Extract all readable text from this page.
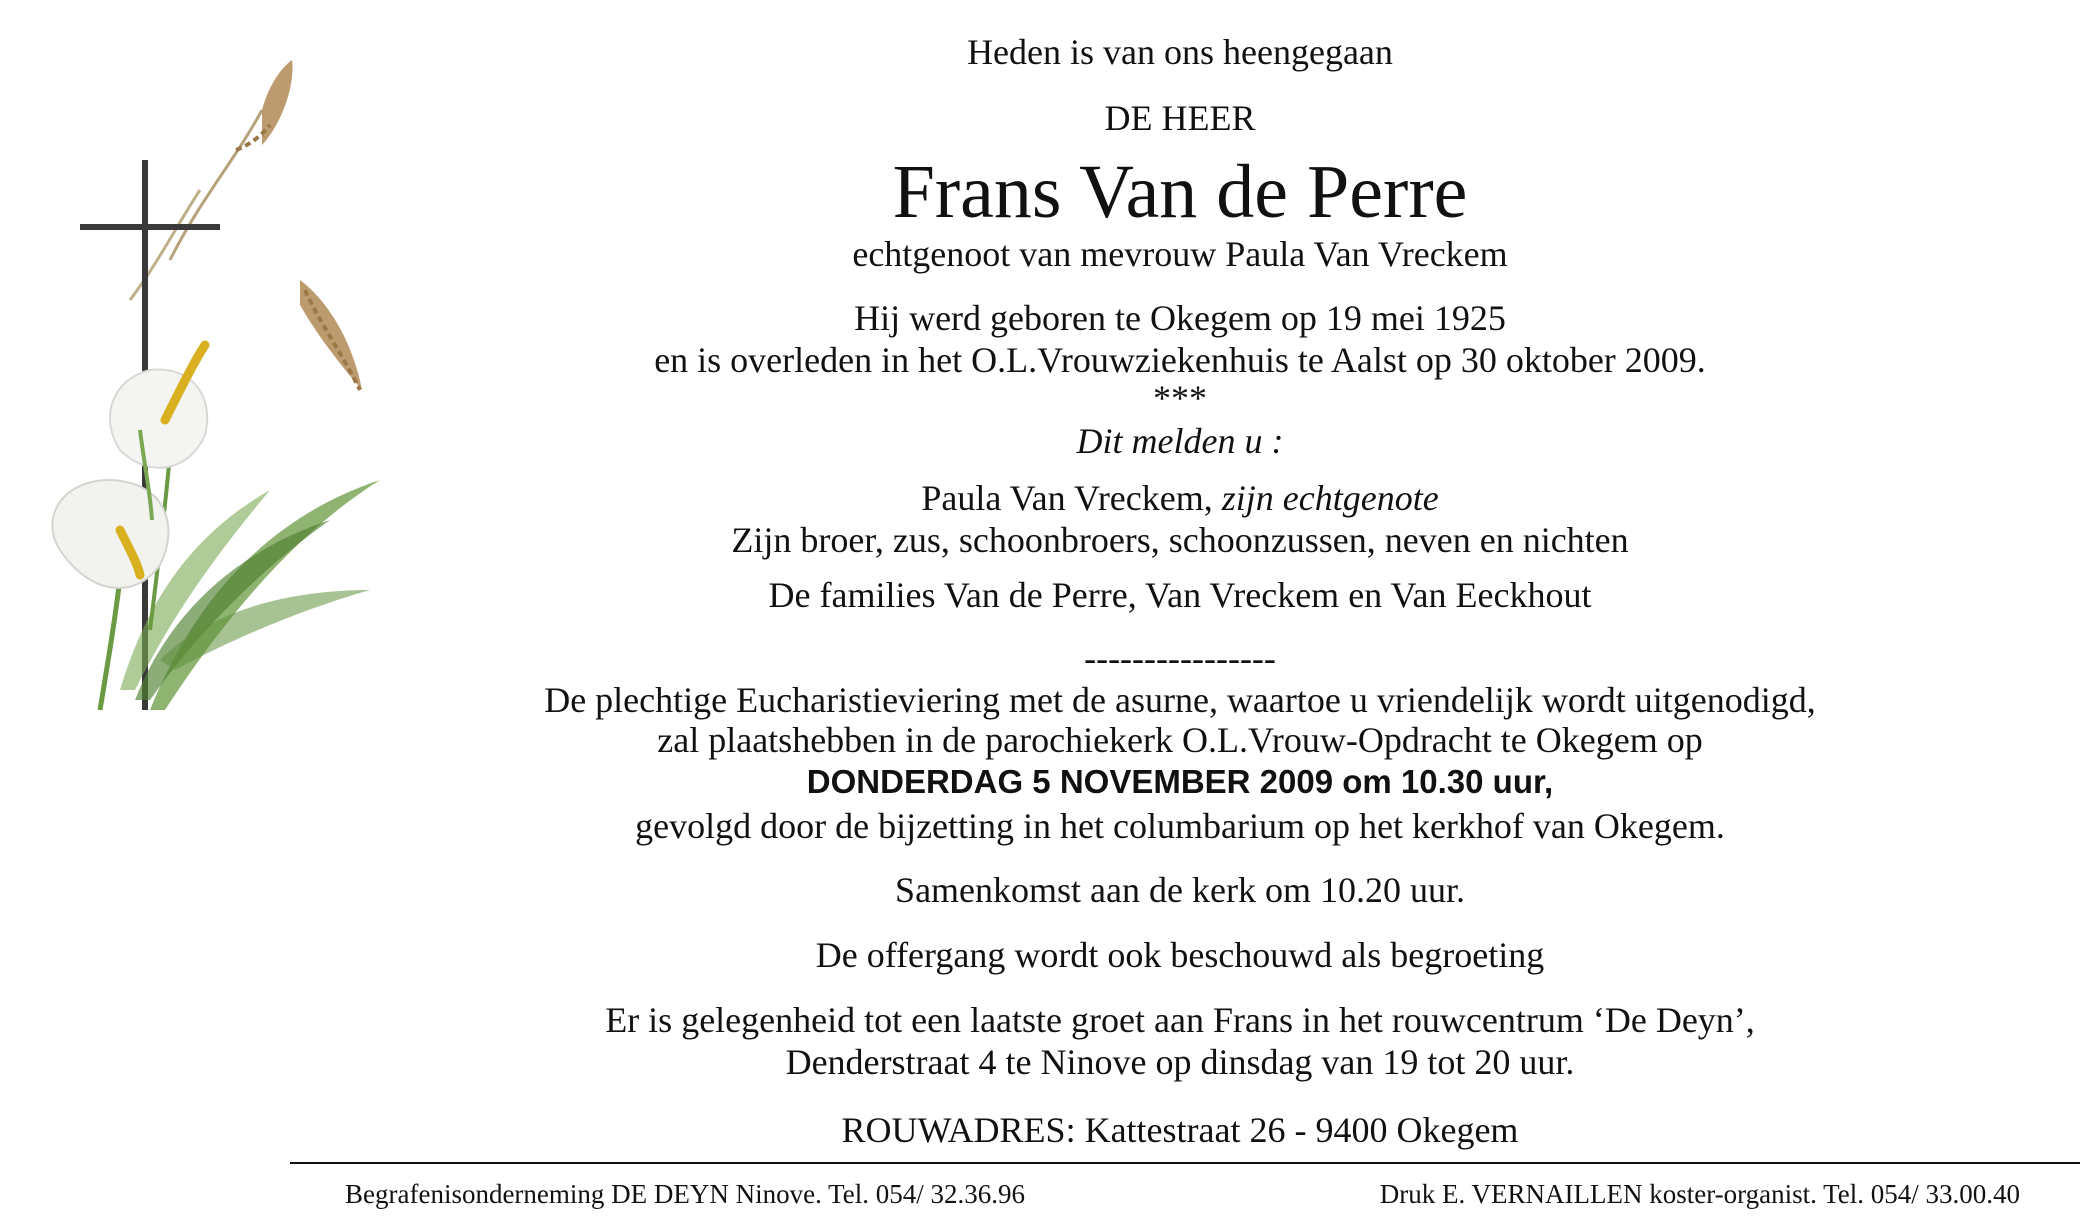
Heden is van ons heengegaan
DE HEER
Frans Van de Perre
echtgenoot van mevrouw Paula Van Vreckem
Hij werd geboren te Okegem op 19 mei 1925
en is overleden in het O.L.Vrouwziekenhuis te Aalst op 30 oktober 2009.
***
Dit melden u :
Paula Van Vreckem, zijn echtgenote
Zijn broer, zus, schoonbroers, schoonzussen, neven en nichten
De families Van de Perre, Van Vreckem en Van Eeckhout
----------------
De plechtige Eucharistieviering met de asurne, waartoe u vriendelijk wordt uitgenodigd,
zal plaatshebben in de parochiekerk O.L.Vrouw-Opdracht te Okegem op
DONDERDAG 5 NOVEMBER 2009 om 10.30 uur,
gevolgd door de bijzetting in het columbarium op het kerkhof van Okegem.
Samenkomst aan de kerk om 10.20 uur.
De offergang wordt ook beschouwd als begroeting
Er is gelegenheid tot een laatste groet aan Frans in het rouwcentrum ‘De Deyn’,
Denderstraat 4 te Ninove op dinsdag van 19 tot 20 uur.
ROUWADRES: Kattestraat 26 - 9400 Okegem
Begrafenisonderneming DE DEYN Ninove. Tel. 054/ 32.36.96	Druk E. VERNAILLEN koster-organist. Tel. 054/ 33.00.40
